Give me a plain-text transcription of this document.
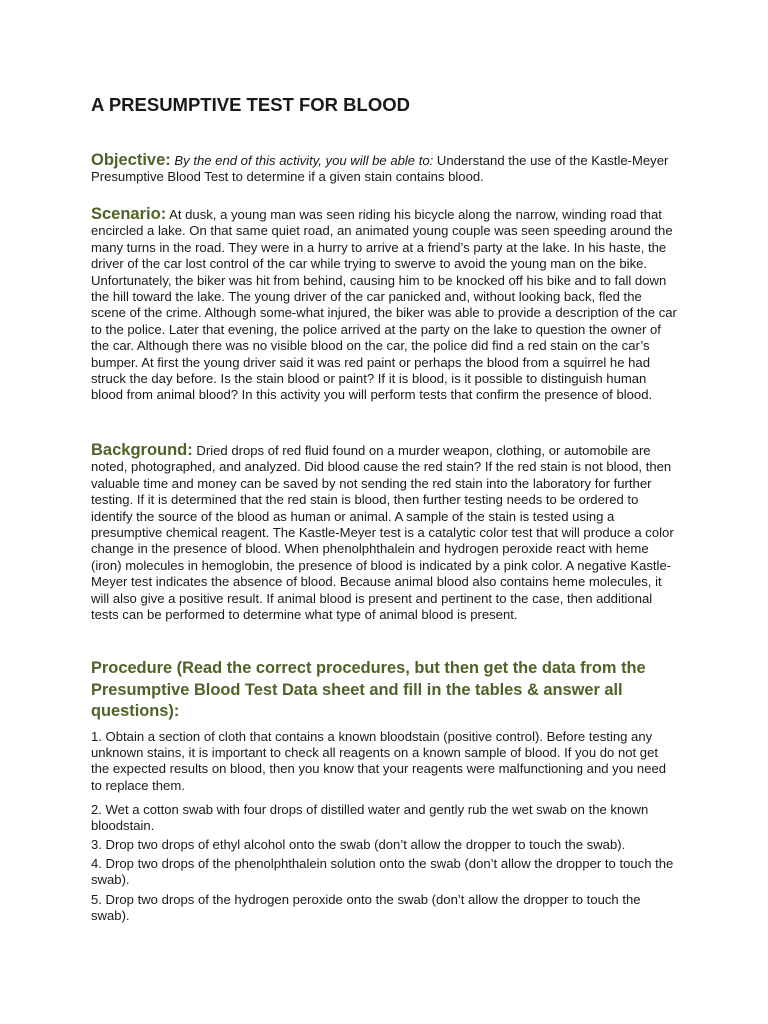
A PRESUMPTIVE TEST FOR BLOOD

Objective: By the end of this activity, you will be able to: Understand the use of the Kastle-Meyer Presumptive Blood Test to determine if a given stain contains blood.

Scenario: At dusk, a young man was seen riding his bicycle along the narrow, winding road that encircled a lake. On that same quiet road, an animated young couple was seen speeding around the many turns in the road. They were in a hurry to arrive at a friend’s party at the lake. In his haste, the driver of the car lost control of the car while trying to swerve to avoid the young man on the bike. Unfortunately, the biker was hit from behind, causing him to be knocked off his bike and to fall down the hill toward the lake. The young driver of the car panicked and, without looking back, fled the scene of the crime. Although some-what injured, the biker was able to provide a description of the car to the police. Later that evening, the police arrived at the party on the lake to question the owner of the car. Although there was no visible blood on the car, the police did find a red stain on the car’s bumper. At first the young driver said it was red paint or perhaps the blood from a squirrel he had struck the day before. Is the stain blood or paint? If it is blood, is it possible to distinguish human blood from animal blood? In this activity you will perform tests that confirm the presence of blood.

Background: Dried drops of red fluid found on a murder weapon, clothing, or automobile are noted, photographed, and analyzed. Did blood cause the red stain? If the red stain is not blood, then valuable time and money can be saved by not sending the red stain into the laboratory for further testing. If it is determined that the red stain is blood, then further testing needs to be ordered to identify the source of the blood as human or animal. A sample of the stain is tested using a presumptive chemical reagent. The Kastle-Meyer test is a catalytic color test that will produce a color change in the presence of blood. When phenolphthalein and hydrogen peroxide react with heme (iron) molecules in hemoglobin, the presence of blood is indicated by a pink color. A negative Kastle-Meyer test indicates the absence of blood. Because animal blood also contains heme molecules, it will also give a positive result. If animal blood is present and pertinent to the case, then additional tests can be performed to determine what type of animal blood is present.

Procedure (Read the correct procedures, but then get the data from the Presumptive Blood Test Data sheet and fill in the tables & answer all questions):

1. Obtain a section of cloth that contains a known bloodstain (positive control). Before testing any unknown stains, it is important to check all reagents on a known sample of blood. If you do not get the expected results on blood, then you know that your reagents were malfunctioning and you need to replace them.

2. Wet a cotton swab with four drops of distilled water and gently rub the wet swab on the known bloodstain.

3. Drop two drops of ethyl alcohol onto the swab (don’t allow the dropper to touch the swab).

4. Drop two drops of the phenolphthalein solution onto the swab (don’t allow the dropper to touch the swab).

5. Drop two drops of the hydrogen peroxide onto the swab (don’t allow the dropper to touch the swab).
